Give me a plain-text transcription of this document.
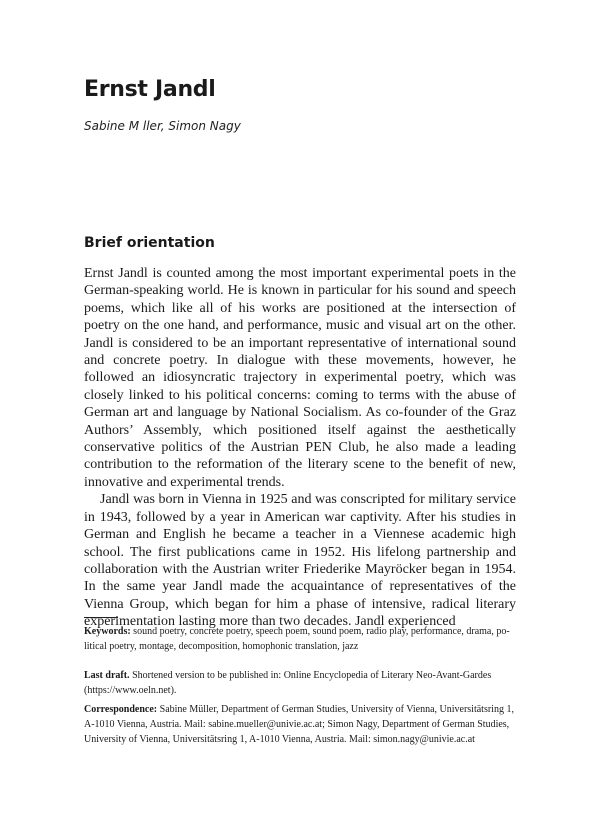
Ernst Jandl
Sabine M ller, Simon Nagy
Brief orientation

Ernst Jandl is counted among the most important experimental poets in the German-speaking world. He is known in particular for his sound and speech poems, which like all of his works are positioned at the intersection of poetry on the one hand, and performance, music and visual art on the other. Jandl is considered to be an important representative of international sound and concrete poetry. In dialogue with these movements, however, he followed an idiosyncratic trajectory in experimental poetry, which was closely linked to his political concerns: coming to terms with the abuse of German art and language by National Socialism. As co-founder of the Graz Authors’ Assembly, which positioned itself against the aesthetically conservative politics of the Austrian PEN Club, he also made a leading contribution to the reformation of the literary scene to the benefit of new, innovative and experimental trends.

Jandl was born in Vienna in 1925 and was conscripted for military service in 1943, followed by a year in American war captivity. After his studies in German and English he became a teacher in a Viennese academic high school. The first publications came in 1952. His lifelong partnership and collaboration with the Austrian writer Friederike Mayröcker began in 1954. In the same year Jandl made the acquaintance of representatives of the Vienna Group, which began for him a phase of intensive, radical literary experimentation lasting more than two decades. Jandl experienced

Keywords: sound poetry, concrete poetry, speech poem, sound poem, radio play, performance, drama, po-litical poetry, montage, decomposition, homophonic translation, jazz

Last draft. Shortened version to be published in: Online Encyclopedia of Literary Neo-Avant-Gardes (https://www.oeln.net).

Correspondence: Sabine Müller, Department of German Studies, University of Vienna, Universitätsring 1, A-1010 Vienna, Austria. Mail: sabine.mueller@univie.ac.at; Simon Nagy, Department of German Studies, University of Vienna, Universitätsring 1, A-1010 Vienna, Austria. Mail: simon.nagy@univie.ac.at
